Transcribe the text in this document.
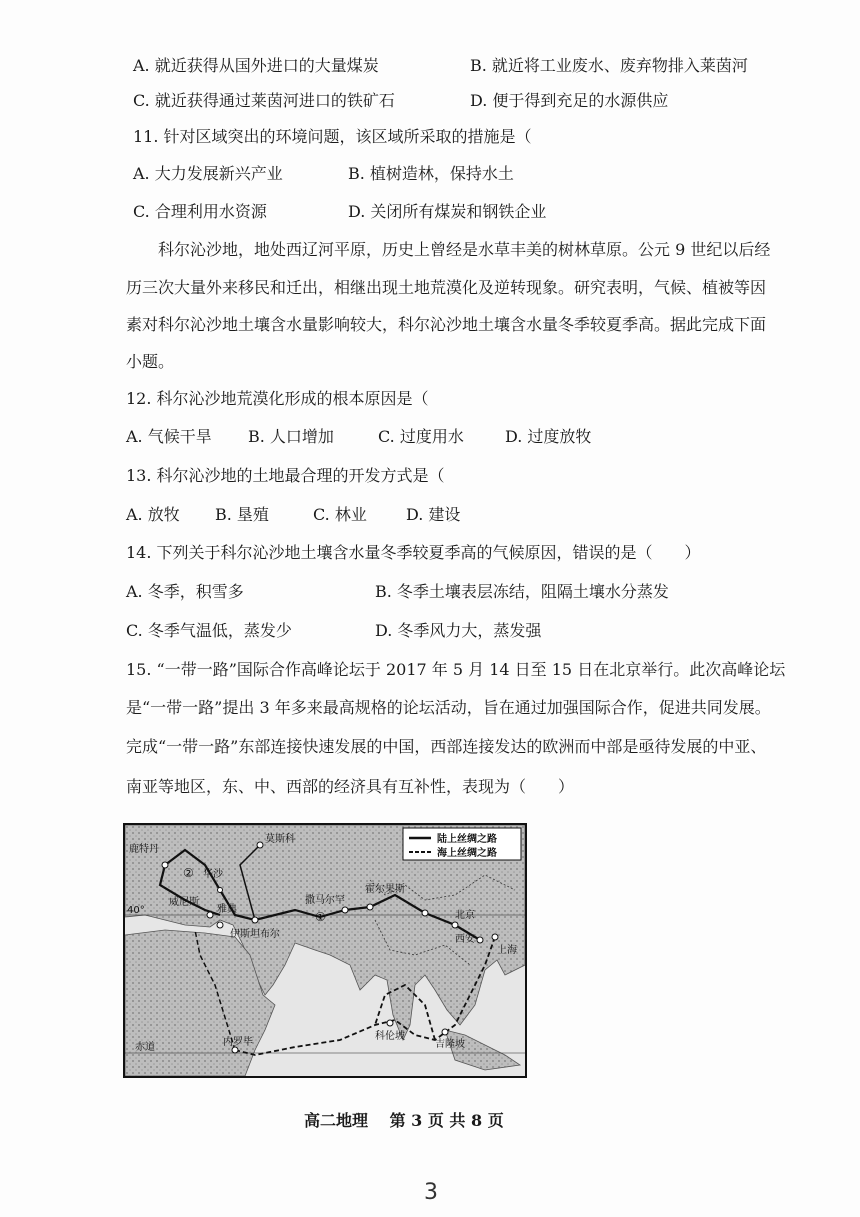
A. 就近获得从国外进口的大量煤炭	B. 就近将工业废水、废弃物排入莱茵河
C. 就近获得通过莱茵河进口的铁矿石	D. 便于得到充足的水源供应
11. 针对区域突出的环境问题，该区域所采取的措施是（
A. 大力发展新兴产业	B. 植树造林，保持水土
C. 合理利用水资源	D. 关闭所有煤炭和钢铁企业
科尔沁沙地，地处西辽河平原，历史上曾经是水草丰美的树林草原。公元 9 世纪以后经
历三次大量外来移民和迁出，相继出现土地荒漠化及逆转现象。研究表明，气候、植被等因
素对科尔沁沙地土壤含水量影响较大，科尔沁沙地土壤含水量冬季较夏季高。据此完成下面
小题。
12. 科尔沁沙地荒漠化形成的根本原因是（
A. 气候干旱 B. 人口增加	C. 过度用水	D. 过度放牧
13. 科尔沁沙地的土地最合理的开发方式是（
A. 放牧 B. 垦殖	C. 林业 D. 建设
14. 下列关于科尔沁沙地土壤含水量冬季较夏季高的气候原因，错误的是（　　）
A. 冬季，积雪多	B. 冬季土壤表层冻结，阻隔土壤水分蒸发
C. 冬季气温低，蒸发少	D. 冬季风力大，蒸发强
15. “一带一路”国际合作高峰论坛于 2017 年 5 月 14 日至 15 日在北京举行。此次高峰论坛
是“一带一路”提出 3 年多来最高规格的论坛活动，旨在通过加强国际合作，促进共同发展。
完成“一带一路”东部连接快速发展的中国，西部连接发达的欧洲而中部是亟待发展的中亚、
南亚等地区，东、中、西部的经济具有互补性，表现为（　　）
陆上丝绸之路
海上丝绸之路
莫斯科
鹿特丹
华沙
威尼斯
雅典
伊斯坦布尔
撒马尔罕
霍尔果斯
北京
西安
上海
科伦坡
吉隆坡
内罗毕
40°
赤道
①
②
高二地理　 第 3 页 共 8 页
3
